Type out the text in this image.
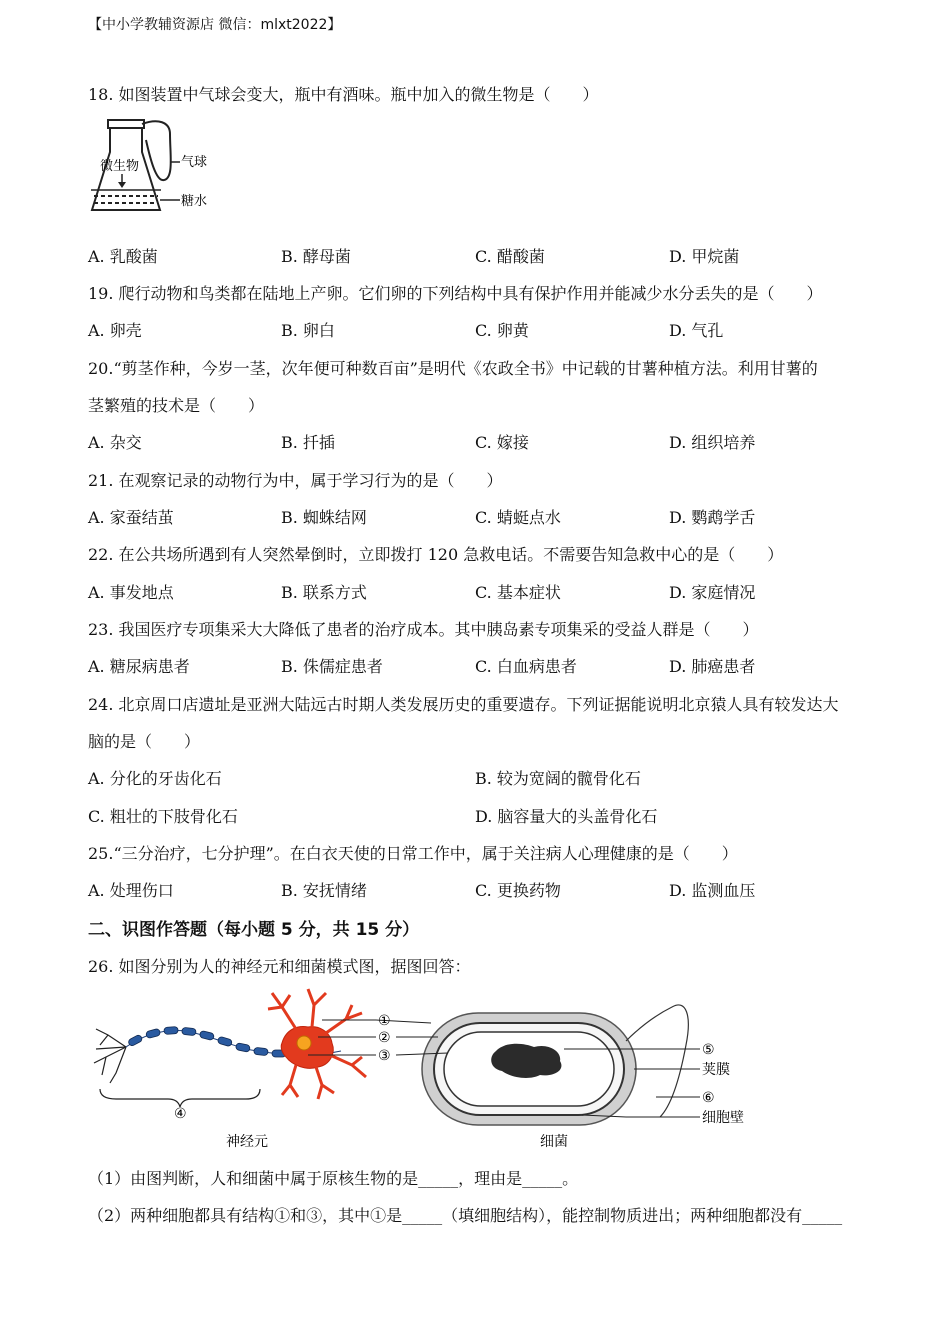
【中小学教辅资源店 微信：mlxt2022】
18. 如图装置中气球会变大，瓶中有酒味。瓶中加入的微生物是（　　）
微生物	气球
糖水
A. 乳酸菌	B. 酵母菌	C. 醋酸菌	D. 甲烷菌
19. 爬行动物和鸟类都在陆地上产卵。它们卵的下列结构中具有保护作用并能减少水分丢失的是（　　）
A. 卵壳	B. 卵白	C. 卵黄	D. 气孔
20.“剪茎作种，今岁一茎，次年便可种数百亩”是明代《农政全书》中记载的甘薯种植方法。利用甘薯的
茎繁殖的技术是（　　）
A. 杂交	B. 扦插	C. 嫁接	D. 组织培养
21. 在观察记录的动物行为中，属于学习行为的是（　　）
A. 家蚕结茧	B. 蜘蛛结网	C. 蜻蜓点水	D. 鹦鹉学舌
22. 在公共场所遇到有人突然晕倒时，立即拨打 120 急救电话。不需要告知急救中心的是（　　）
A. 事发地点	B. 联系方式	C. 基本症状	D. 家庭情况
23. 我国医疗专项集采大大降低了患者的治疗成本。其中胰岛素专项集采的受益人群是（　　）
A. 糖尿病患者	B. 侏儒症患者	C. 白血病患者	D. 肺癌患者
24. 北京周口店遗址是亚洲大陆远古时期人类发展历史的重要遗存。下列证据能说明北京猿人具有较发达大
脑的是（　　）
A. 分化的牙齿化石	B. 较为宽阔的髋骨化石
C. 粗壮的下肢骨化石	D. 脑容量大的头盖骨化石
25.“三分治疗，七分护理”。在白衣天使的日常工作中，属于关注病人心理健康的是（　　）
A. 处理伤口	B. 安抚情绪	C. 更换药物	D. 监测血压
二、识图作答题（每小题 5 分，共 15 分）
26. 如图分别为人的神经元和细菌模式图，据图回答：
④
①
②
③	⑤
荚膜
⑥
细胞壁
神经元	细菌
（1）由图判断，人和细菌中属于原核生物的是_____，理由是_____。
（2）两种细胞都具有结构①和③，其中①是_____（填细胞结构），能控制物质进出；两种细胞都没有_____
